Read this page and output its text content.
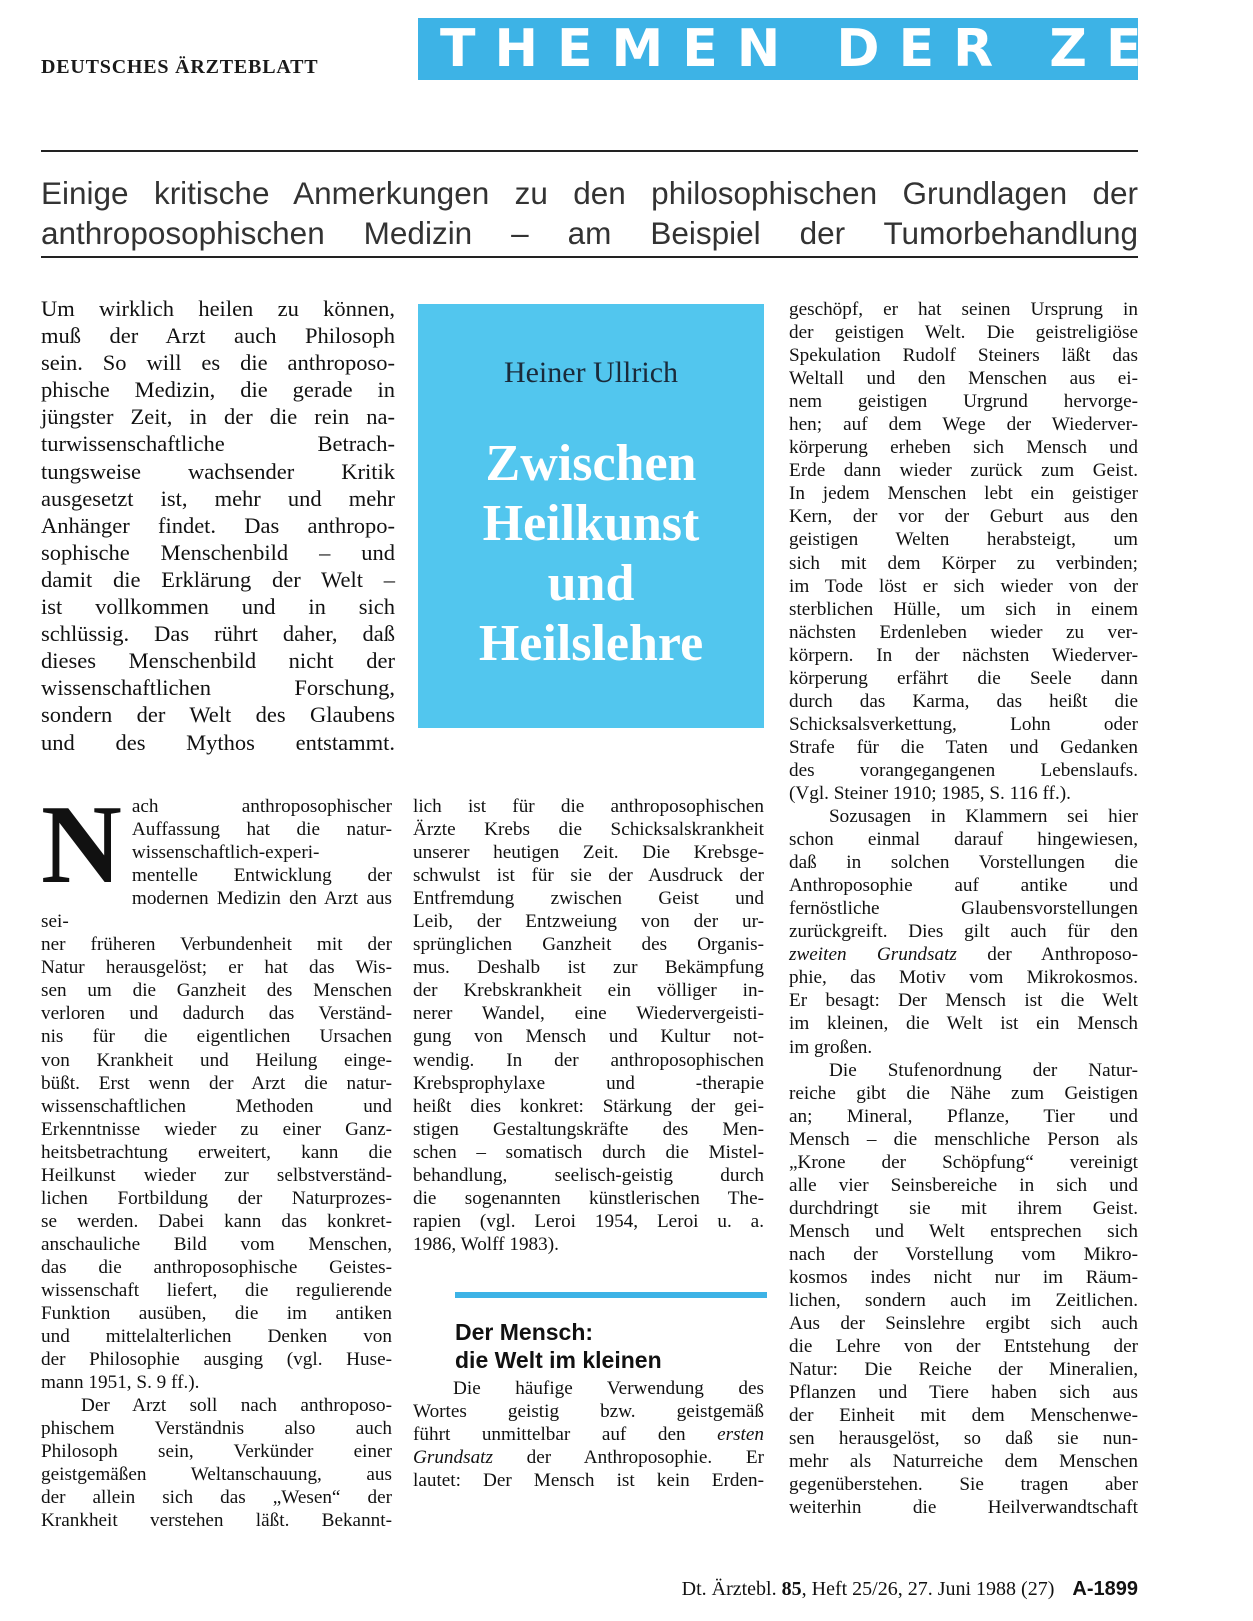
DEUTSCHES ÄRZTEBLATT	THEMEN DER ZEIT
Einige kritische Anmerkungen zu den philosophischen Grundlagen der anthroposophischen Medizin – am Beispiel der Tumorbehandlung

Um wirklich heilen zu können,

muß der Arzt auch Philosoph

sein. So will es die anthroposo-

phische Medizin, die gerade in

jüngster Zeit, in der die rein na-

turwissenschaftliche Betrach-

tungsweise wachsender Kritik

ausgesetzt ist, mehr und mehr

Anhänger findet. Das anthropo-

sophische Menschenbild – und

damit die Erklärung der Welt –

ist vollkommen und in sich

schlüssig. Das rührt daher, daß

dieses Menschenbild nicht der

wissenschaftlichen Forschung,

sondern der Welt des Glaubens

und des Mythos entstammt.

Heiner Ullrich
Zwischen
Heilkunst
und
Heilslehre
N ach anthroposophischer

Auffassung hat die natur-

wissenschaftlich-experi-

mentelle Entwicklung der

modernen Medizin den Arzt aus sei-

ner früheren Verbundenheit mit der

Natur herausgelöst; er hat das Wis-

sen um die Ganzheit des Menschen

verloren und dadurch das Verständ-

nis für die eigentlichen Ursachen

von Krankheit und Heilung einge-

büßt. Erst wenn der Arzt die natur-

wissenschaftlichen Methoden und

Erkenntnisse wieder zu einer Ganz-

heitsbetrachtung erweitert, kann die

Heilkunst wieder zur selbstverständ-

lichen Fortbildung der Naturprozes-

se werden. Dabei kann das konkret-

anschauliche Bild vom Menschen,

das die anthroposophische Geistes-

wissenschaft liefert, die regulierende

Funktion ausüben, die im antiken

und mittelalterlichen Denken von

der Philosophie ausging (vgl. Huse-

mann 1951, S. 9 ff.).

Der Arzt soll nach anthroposo-

phischem Verständnis also auch

Philosoph sein, Verkünder einer

geistgemäßen Weltanschauung, aus

der allein sich das „Wesen“ der

Krankheit verstehen läßt. Bekannt-

lich ist für die anthroposophischen

Ärzte Krebs die Schicksalskrankheit

unserer heutigen Zeit. Die Krebsge-

schwulst ist für sie der Ausdruck der

Entfremdung zwischen Geist und

Leib, der Entzweiung von der ur-

sprünglichen Ganzheit des Organis-

mus. Deshalb ist zur Bekämpfung

der Krebskrankheit ein völliger in-

nerer Wandel, eine Wiedervergeisti-

gung von Mensch und Kultur not-

wendig. In der anthroposophischen

Krebsprophylaxe und -therapie

heißt dies konkret: Stärkung der gei-

stigen Gestaltungskräfte des Men-

schen – somatisch durch die Mistel-

behandlung, seelisch-geistig durch

die sogenannten künstlerischen The-

rapien (vgl. Leroi 1954, Leroi u. a.

1986, Wolff 1983).

Der Mensch:
die Welt im kleinen

Die häufige Verwendung des

Wortes geistig bzw. geistgemäß

führt unmittelbar auf den ersten

Grundsatz der Anthroposophie. Er

lautet: Der Mensch ist kein Erden-

geschöpf, er hat seinen Ursprung in

der geistigen Welt. Die geistreligiöse

Spekulation Rudolf Steiners läßt das

Weltall und den Menschen aus ei-

nem geistigen Urgrund hervorge-

hen; auf dem Wege der Wiederver-

körperung erheben sich Mensch und

Erde dann wieder zurück zum Geist.

In jedem Menschen lebt ein geistiger

Kern, der vor der Geburt aus den

geistigen Welten herabsteigt, um

sich mit dem Körper zu verbinden;

im Tode löst er sich wieder von der

sterblichen Hülle, um sich in einem

nächsten Erdenleben wieder zu ver-

körpern. In der nächsten Wiederver-

körperung erfährt die Seele dann

durch das Karma, das heißt die

Schicksalsverkettung, Lohn oder

Strafe für die Taten und Gedanken

des vorangegangenen Lebenslaufs.

(Vgl. Steiner 1910; 1985, S. 116 ff.).

Sozusagen in Klammern sei hier

schon einmal darauf hingewiesen,

daß in solchen Vorstellungen die

Anthroposophie auf antike und

fernöstliche Glaubensvorstellungen

zurückgreift. Dies gilt auch für den

zweiten Grundsatz der Anthroposo-

phie, das Motiv vom Mikrokosmos.

Er besagt: Der Mensch ist die Welt

im kleinen, die Welt ist ein Mensch

im großen.

Die Stufenordnung der Natur-

reiche gibt die Nähe zum Geistigen

an; Mineral, Pflanze, Tier und

Mensch – die menschliche Person als

„Krone der Schöpfung“ vereinigt

alle vier Seinsbereiche in sich und

durchdringt sie mit ihrem Geist.

Mensch und Welt entsprechen sich

nach der Vorstellung vom Mikro-

kosmos indes nicht nur im Räum-

lichen, sondern auch im Zeitlichen.

Aus der Seinslehre ergibt sich auch

die Lehre von der Entstehung der

Natur: Die Reiche der Mineralien,

Pflanzen und Tiere haben sich aus

der Einheit mit dem Menschenwe-

sen herausgelöst, so daß sie nun-

mehr als Naturreiche dem Menschen

gegenüberstehen. Sie tragen aber

weiterhin die Heilverwandtschaft

Dt. Ärztebl. 85, Heft 25/26, 27. Juni 1988 (27) A-1899
